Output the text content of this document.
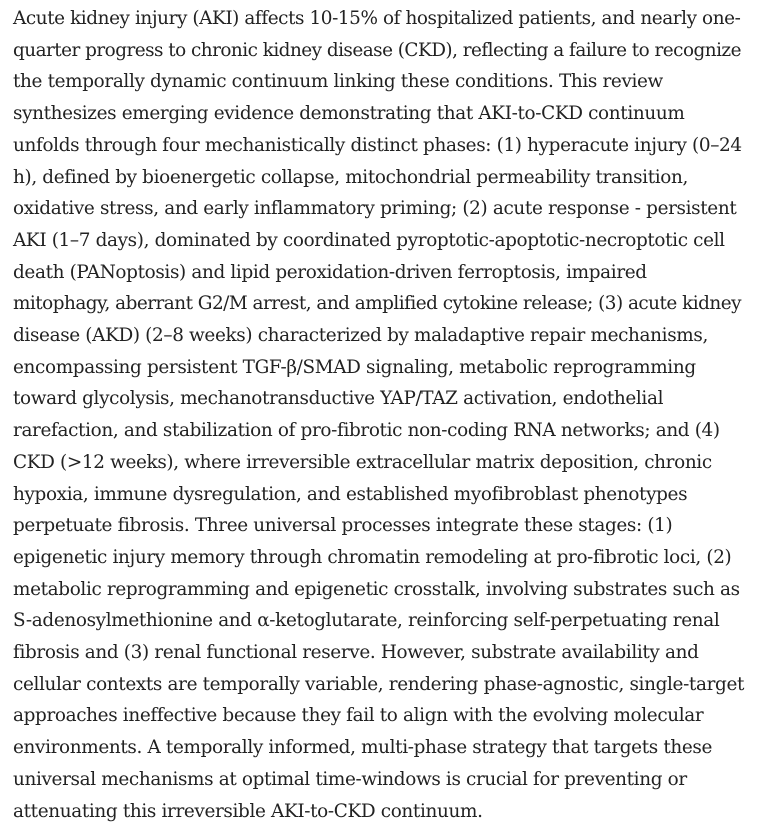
Acute kidney injury (AKI) affects 10-15% of hospitalized patients, and nearly one-
quarter progress to chronic kidney disease (CKD), reflecting a failure to recognize
the temporally dynamic continuum linking these conditions. This review
synthesizes emerging evidence demonstrating that AKI-to-CKD continuum
unfolds through four mechanistically distinct phases: (1) hyperacute injury (0–24
h), defined by bioenergetic collapse, mitochondrial permeability transition,
oxidative stress, and early inflammatory priming; (2) acute response - persistent
AKI (1–7 days), dominated by coordinated pyroptotic-apoptotic-necroptotic cell
death (PANoptosis) and lipid peroxidation-driven ferroptosis, impaired
mitophagy, aberrant G2/M arrest, and amplified cytokine release; (3) acute kidney
disease (AKD) (2–8 weeks) characterized by maladaptive repair mechanisms,
encompassing persistent TGF-β/SMAD signaling, metabolic reprogramming
toward glycolysis, mechanotransductive YAP/TAZ activation, endothelial
rarefaction, and stabilization of pro-fibrotic non-coding RNA networks; and (4)
CKD (>12 weeks), where irreversible extracellular matrix deposition, chronic
hypoxia, immune dysregulation, and established myofibroblast phenotypes
perpetuate fibrosis. Three universal processes integrate these stages: (1)
epigenetic injury memory through chromatin remodeling at pro-fibrotic loci, (2)
metabolic reprogramming and epigenetic crosstalk, involving substrates such as
S-adenosylmethionine and α-ketoglutarate, reinforcing self-perpetuating renal
fibrosis and (3) renal functional reserve. However, substrate availability and
cellular contexts are temporally variable, rendering phase-agnostic, single-target
approaches ineffective because they fail to align with the evolving molecular
environments. A temporally informed, multi-phase strategy that targets these
universal mechanisms at optimal time-windows is crucial for preventing or
attenuating this irreversible AKI-to-CKD continuum.
